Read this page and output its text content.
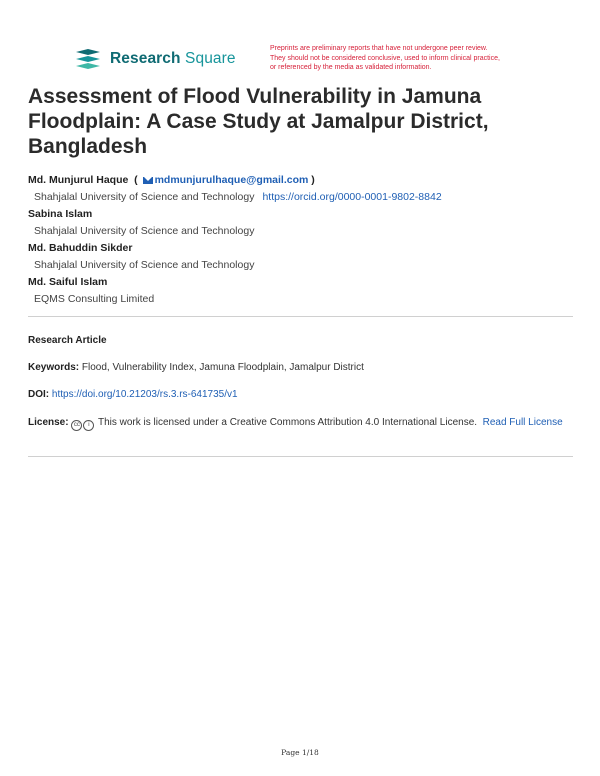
Research Square
Preprints are preliminary reports that have not undergone peer review.
They should not be considered conclusive, used to inform clinical practice,
or referenced by the media as validated information.
Assessment of Flood Vulnerability in Jamuna Floodplain: A Case Study at Jamalpur District, Bangladesh
Md. Munjurul Haque  ( mdmunjurulhaque@gmail.com )
Shahjalal University of Science and Technology https://orcid.org/0000-0001-9802-8842
Sabina Islam
Shahjalal University of Science and Technology
Md. Bahuddin Sikder
Shahjalal University of Science and Technology
Md. Saiful Islam
EQMS Consulting Limited
Research Article
Keywords: Flood, Vulnerability Index, Jamuna Floodplain, Jamalpur District
DOI: https://doi.org/10.21203/rs.3.rs-641735/v1
License: cc i This work is licensed under a Creative Commons Attribution 4.0 International License. Read Full License
Page 1/18
